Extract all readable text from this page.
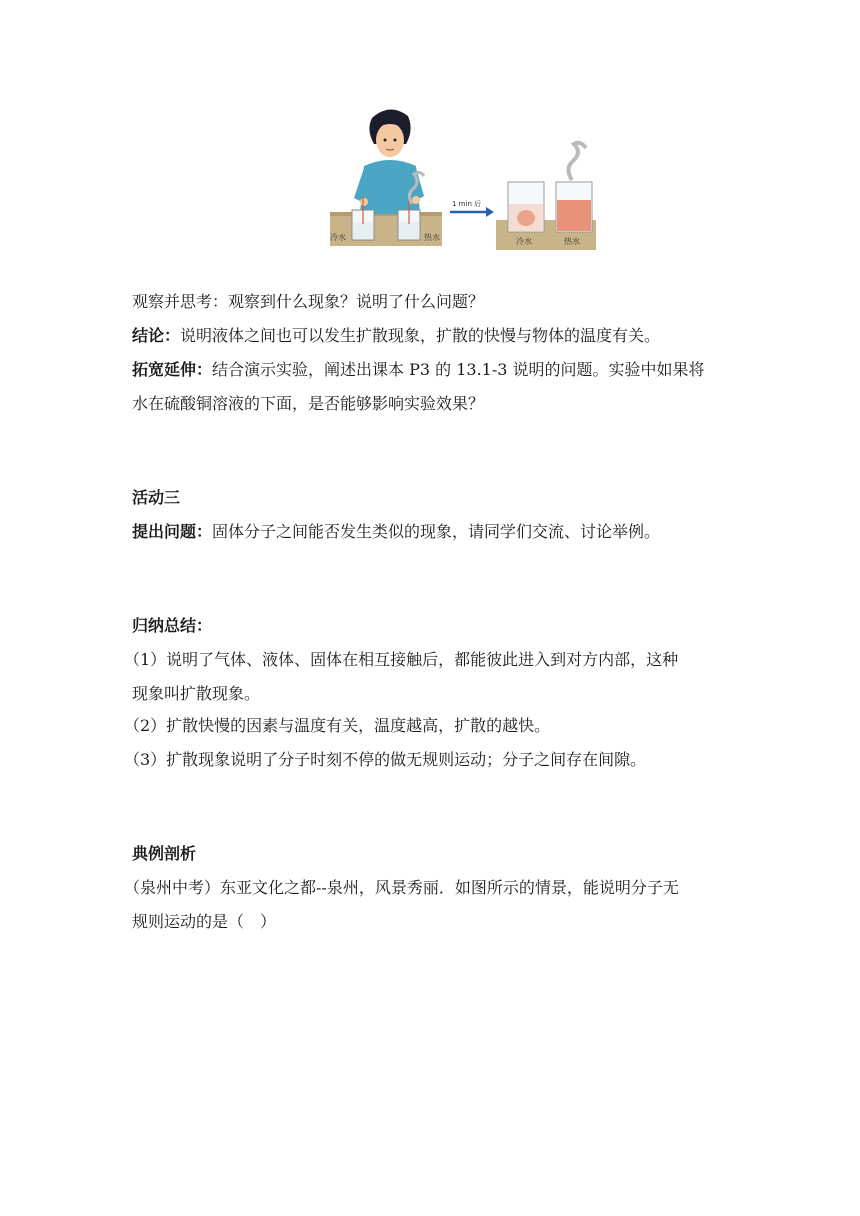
冷水	热水
1 min 后
冷水	热水
观察并思考：观察到什么现象？说明了什么问题？
结论：说明液体之间也可以发生扩散现象，扩散的快慢与物体的温度有关。
拓宽延伸：结合演示实验，阐述出课本 P3 的 13.1-3 说明的问题。实验中如果将
水在硫酸铜溶液的下面，是否能够影响实验效果？
活动三
提出问题：固体分子之间能否发生类似的现象，请同学们交流、讨论举例。
归纳总结：
（1）说明了气体、液体、固体在相互接触后，都能彼此进入到对方内部，这种
现象叫扩散现象。
（2）扩散快慢的因素与温度有关，温度越高，扩散的越快。
（3）扩散现象说明了分子时刻不停的做无规则运动；分子之间存在间隙。
典例剖析
（泉州中考）东亚文化之都--泉州，风景秀丽．如图所示的情景，能说明分子无
规则运动的是（　）
